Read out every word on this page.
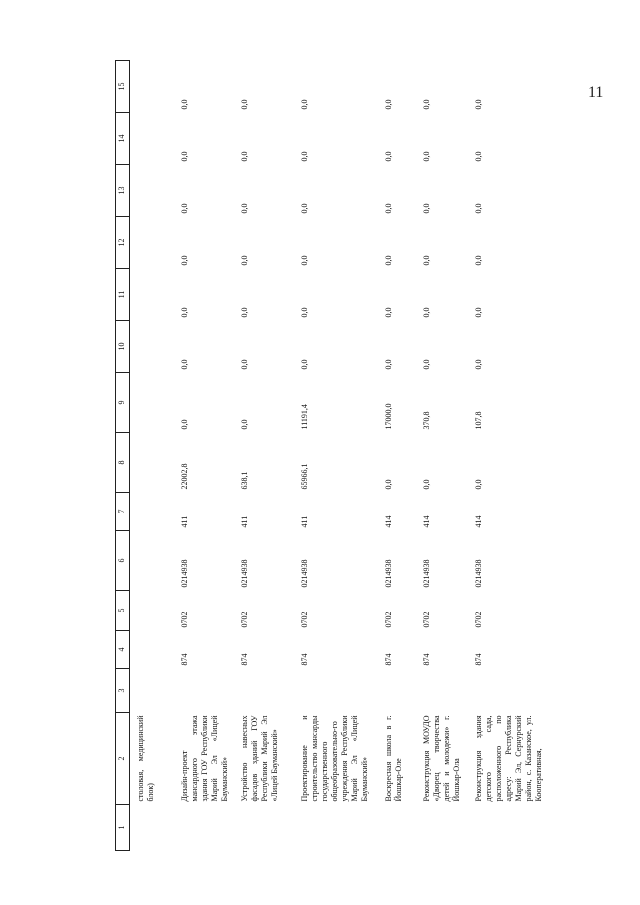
11
1	2	3	4	5	6	7	8	9	10	11	12	13	14	15
	столовая, медицинский блок)													
	Дизайн-проект мансардного этажа здания ГОУ Республики Марий Эл «Лицей Бауманский»		874	0702	0214938	411	22002,8	0,0	0,0	0,0	0,0	0,0	0,0	0,0
	Устройство навесных фасадов зданий ГОУ Республики Марий Эл «Лицей Бауманский»		874	0702	0214938	411	638,1	0,0	0,0	0,0	0,0	0,0	0,0	0,0
	Проектирование и строительство мансарды государственного общеобразовательно-го учреждения Республики Марий Эл «Лицей Бауманский»		874	0702	0214938	411	65966,1	11191,4	0,0	0,0	0,0	0,0	0,0	0,0
	Воскресная школа в г. Йошкар-Оле		874	0702	0214938	414	0,0	17000,0	0,0	0,0	0,0	0,0	0,0	0,0
	Реконструкция МОУДО «Дворец творчества детей и молодежи» г. Йошкар-Ола		874	0702	0214938	414	0,0	370,8	0,0	0,0	0,0	0,0	0,0	0,0
	Реконструкция здания детского сада, расположенного по адресу: Республика Марий Эл, Сернурский район, с. Казанское, ул. Кооперативная,		874	0702	0214938	414	0,0	107,8	0,0	0,0	0,0	0,0	0,0	0,0
